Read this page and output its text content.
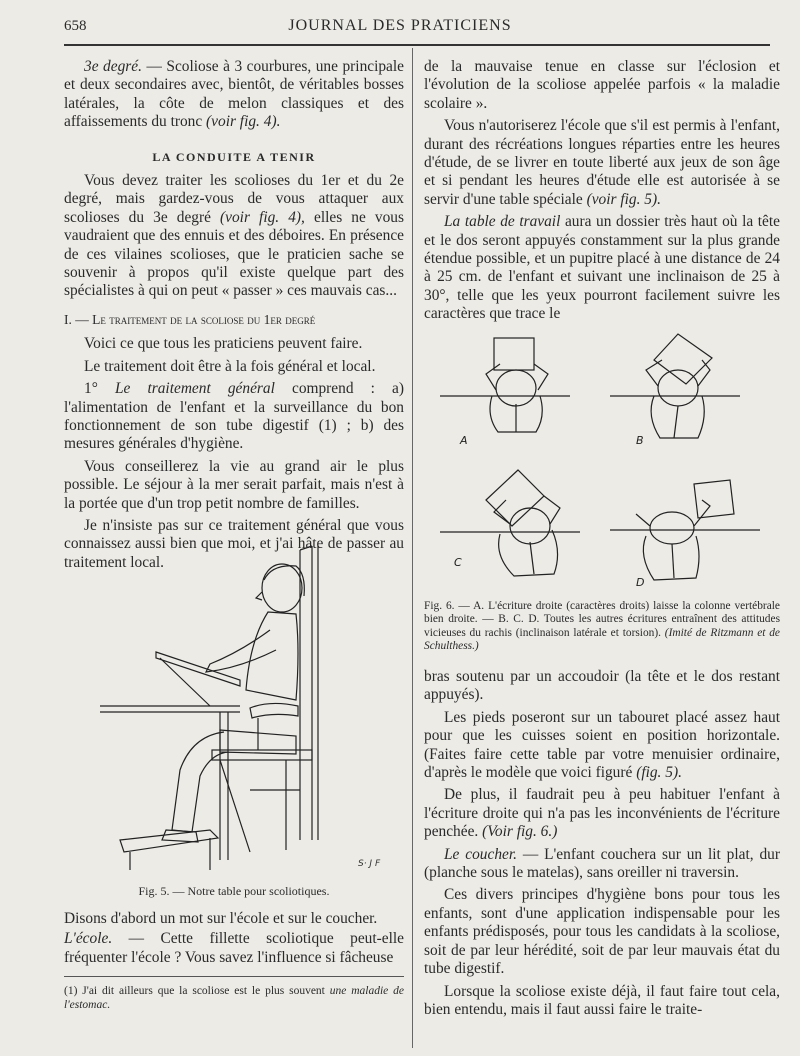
658	JOURNAL DES PRATICIENS

3e degré. — Scoliose à 3 courbures, une principale et deux secondaires avec, bientôt, de véritables bosses latérales, la côte de melon classiques et des affaissements du tronc (voir fig. 4).

LA CONDUITE A TENIR

Vous devez traiter les scolioses du 1er et du 2e degré, mais gardez-vous de vous attaquer aux scolioses du 3e degré (voir fig. 4), elles ne vous vaudraient que des ennuis et des déboires. En présence de ces vilaines scolioses, que le praticien sache se souvenir à propos qu'il existe quelque part des spécialistes à qui on peut « passer » ces mauvais cas...

I. — Le traitement de la scoliose du 1er degré

Voici ce que tous les praticiens peuvent faire.

Le traitement doit être à la fois général et local.

1° Le traitement général comprend : a) l'alimentation de l'enfant et la surveillance du bon fonctionnement de son tube digestif (1) ; b) des mesures générales d'hygiène.

Vous conseillerez la vie au grand air le plus possible. Le séjour à la mer serait parfait, mais n'est à la portée que d'un trop petit nombre de familles.

Je n'insiste pas sur ce traitement général que vous connaissez aussi bien que moi, et j'ai hâte de passer au traitement local.

S· J F
Fig. 5. — Notre table pour scoliotiques.

Disons d'abord un mot sur l'école et sur le coucher.

L'école. — Cette fillette scoliotique peut-elle fréquenter l'école ? Vous savez l'influence si fâcheuse

(1) J'ai dit ailleurs que la scoliose est le plus souvent une maladie de l'estomac.

de la mauvaise tenue en classe sur l'éclosion et l'évolution de la scoliose appelée parfois « la maladie scolaire ».

Vous n'autoriserez l'école que s'il est permis à l'enfant, durant des récréations longues réparties entre les heures d'étude, de se livrer en toute liberté aux jeux de son âge et si pendant les heures d'étude elle est autorisée à se servir d'une table spéciale (voir fig. 5).

La table de travail aura un dossier très haut où la tête et le dos seront appuyés constamment sur la plus grande étendue possible, et un pupitre placé à une distance de 24 à 25 cm. de l'enfant et suivant une inclinaison de 25 à 30°, telle que les yeux pourront facilement suivre les caractères que trace le

A	B
C
D
Fig. 6. — A. L'écriture droite (caractères droits) laisse la colonne vertébrale bien droite. — B. C. D. Toutes les autres écritures entraînent des attitudes vicieuses du rachis (inclinaison latérale et torsion). (Imité de Ritzmann et de Schulthess.)

bras soutenu par un accoudoir (la tête et le dos restant appuyés).

Les pieds poseront sur un tabouret placé assez haut pour que les cuisses soient en position horizontale. (Faites faire cette table par votre menuisier ordinaire, d'après le modèle que voici figuré (fig. 5).

De plus, il faudrait peu à peu habituer l'enfant à l'écriture droite qui n'a pas les inconvénients de l'écriture penchée. (Voir fig. 6.)

Le coucher. — L'enfant couchera sur un lit plat, dur (planche sous le matelas), sans oreiller ni traversin.

Ces divers principes d'hygiène bons pour tous les enfants, sont d'une application indispensable pour les enfants prédisposés, pour tous les candidats à la scoliose, soit de par leur hérédité, soit de par leur mauvais état du tube digestif.

Lorsque la scoliose existe déjà, il faut faire tout cela, bien entendu, mais il faut aussi faire le traite-
